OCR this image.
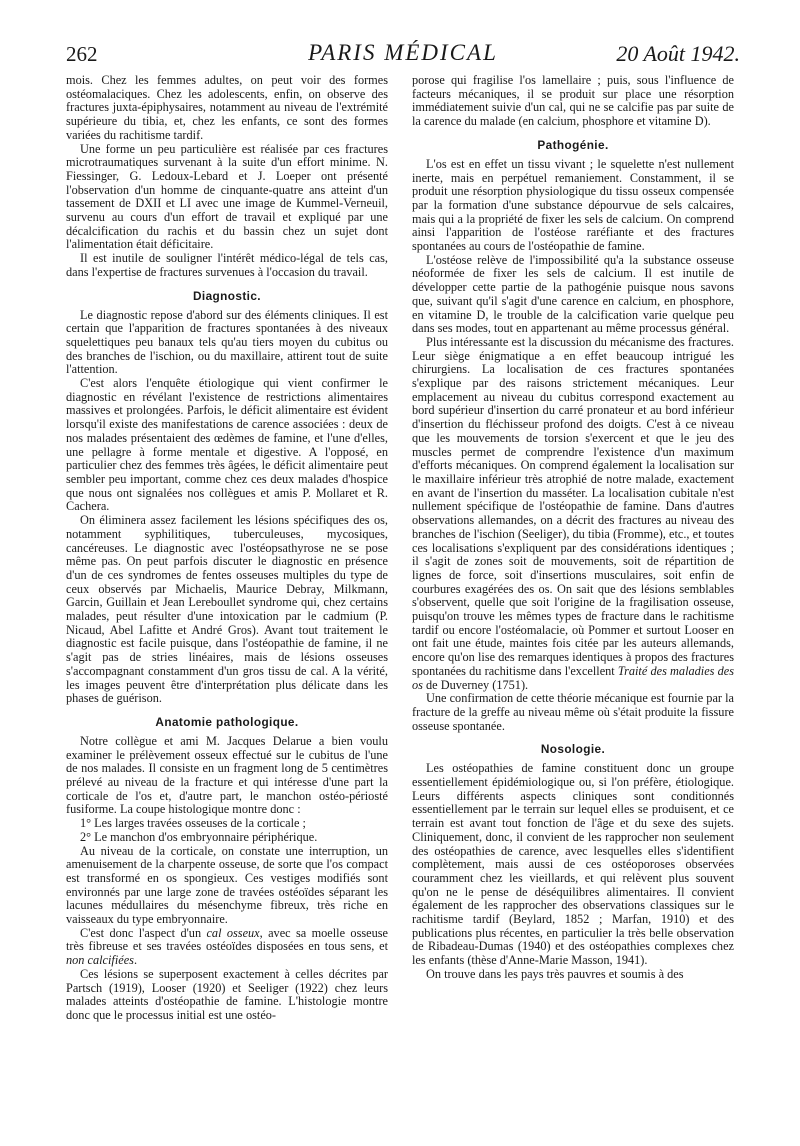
262	PARIS MÉDICAL	20 Août 1942.

mois. Chez les femmes adultes, on peut voir des formes ostéomalaciques. Chez les adolescents, enfin, on observe des fractures juxta-épiphysaires, notamment au niveau de l'extrémité supérieure du tibia, et, chez les enfants, ce sont des formes variées du rachitisme tardif.

Une forme un peu particulière est réalisée par ces fractures microtraumatiques survenant à la suite d'un effort minime. N. Fiessinger, G. Ledoux-Lebard et J. Loeper ont présenté l'observation d'un homme de cinquante-quatre ans atteint d'un tassement de DXII et LI avec une image de Kummel-Verneuil, survenu au cours d'un effort de travail et expliqué par une décalcification du rachis et du bassin chez un sujet dont l'alimentation était déficitaire.

Il est inutile de souligner l'intérêt médico-légal de tels cas, dans l'expertise de fractures survenues à l'occasion du travail.

Diagnostic.

Le diagnostic repose d'abord sur des éléments cliniques. Il est certain que l'apparition de fractures spontanées à des niveaux squelettiques peu banaux tels qu'au tiers moyen du cubitus ou des branches de l'ischion, ou du maxillaire, attirent tout de suite l'attention.

C'est alors l'enquête étiologique qui vient confirmer le diagnostic en révélant l'existence de restrictions alimentaires massives et prolongées. Parfois, le déficit alimentaire est évident lorsqu'il existe des manifestations de carence associées : deux de nos malades présentaient des œdèmes de famine, et l'une d'elles, une pellagre à forme mentale et digestive. A l'opposé, en particulier chez des femmes très âgées, le déficit alimentaire peut sembler peu important, comme chez ces deux malades d'hospice que nous ont signalées nos collègues et amis P. Mollaret et R. Cachera.

On éliminera assez facilement les lésions spécifiques des os, notamment syphilitiques, tuberculeuses, mycosiques, cancéreuses. Le diagnostic avec l'ostéopsathyrose ne se pose même pas. On peut parfois discuter le diagnostic en présence d'un de ces syndromes de fentes osseuses multiples du type de ceux observés par Michaelis, Maurice Debray, Milkmann, Garcin, Guillain et Jean Lereboullet syndrome qui, chez certains malades, peut résulter d'une intoxication par le cadmium (P. Nicaud, Abel Lafitte et André Gros). Avant tout traitement le diagnostic est facile puisque, dans l'ostéopathie de famine, il ne s'agit pas de stries linéaires, mais de lésions osseuses s'accompagnant constamment d'un gros tissu de cal. A la vérité, les images peuvent être d'interprétation plus délicate dans les phases de guérison.

Anatomie pathologique.

Notre collègue et ami M. Jacques Delarue a bien voulu examiner le prélèvement osseux effectué sur le cubitus de l'une de nos malades. Il consiste en un fragment long de 5 centimètres prélevé au niveau de la fracture et qui intéresse d'une part la corticale de l'os et, d'autre part, le manchon ostéo-périosté fusiforme. La coupe histologique montre donc :

1° Les larges travées osseuses de la corticale ;

2° Le manchon d'os embryonnaire périphérique.

Au niveau de la corticale, on constate une interruption, un amenuisement de la charpente osseuse, de sorte que l'os compact est transformé en os spongieux. Ces vestiges modifiés sont environnés par une large zone de travées ostéoïdes séparant les lacunes médullaires du mésenchyme fibreux, très riche en vaisseaux du type embryonnaire.

C'est donc l'aspect d'un cal osseux, avec sa moelle osseuse très fibreuse et ses travées ostéoïdes disposées en tous sens, et non calcifiées.

Ces lésions se superposent exactement à celles décrites par Partsch (1919), Looser (1920) et Seeliger (1922) chez leurs malades atteints d'ostéopathie de famine. L'histologie montre donc que le processus initial est une ostéo-

porose qui fragilise l'os lamellaire ; puis, sous l'influence de facteurs mécaniques, il se produit sur place une résorption immédiatement suivie d'un cal, qui ne se calcifie pas par suite de la carence du malade (en calcium, phosphore et vitamine D).

Pathogénie.

L'os est en effet un tissu vivant ; le squelette n'est nullement inerte, mais en perpétuel remaniement. Constamment, il se produit une résorption physiologique du tissu osseux compensée par la formation d'une substance dépourvue de sels calcaires, mais qui a la propriété de fixer les sels de calcium. On comprend ainsi l'apparition de l'ostéose raréfiante et des fractures spontanées au cours de l'ostéopathie de famine.

L'ostéose relève de l'impossibilité qu'a la substance osseuse néoformée de fixer les sels de calcium. Il est inutile de développer cette partie de la pathogénie puisque nous savons que, suivant qu'il s'agit d'une carence en calcium, en phosphore, en vitamine D, le trouble de la calcification varie quelque peu dans ses modes, tout en appartenant au même processus général.

Plus intéressante est la discussion du mécanisme des fractures. Leur siège énigmatique a en effet beaucoup intrigué les chirurgiens. La localisation de ces fractures spontanées s'explique par des raisons strictement mécaniques. Leur emplacement au niveau du cubitus correspond exactement au bord supérieur d'insertion du carré pronateur et au bord inférieur d'insertion du fléchisseur profond des doigts. C'est à ce niveau que les mouvements de torsion s'exercent et que le jeu des muscles permet de comprendre l'existence d'un maximum d'efforts mécaniques. On comprend également la localisation sur le maxillaire inférieur très atrophié de notre malade, exactement en avant de l'insertion du masséter. La localisation cubitale n'est nullement spécifique de l'ostéopathie de famine. Dans d'autres observations allemandes, on a décrit des fractures au niveau des branches de l'ischion (Seeliger), du tibia (Fromme), etc., et toutes ces localisations s'expliquent par des considérations identiques ; il s'agit de zones soit de mouvements, soit de répartition de lignes de force, soit d'insertions musculaires, soit enfin de courbures exagérées des os. On sait que des lésions semblables s'observent, quelle que soit l'origine de la fragilisation osseuse, puisqu'on trouve les mêmes types de fracture dans le rachitisme tardif ou encore l'ostéomalacie, où Pommer et surtout Looser en ont fait une étude, maintes fois citée par les auteurs allemands, encore qu'on lise des remarques identiques à propos des fractures spontanées du rachitisme dans l'excellent Traité des maladies des os de Duverney (1751).

Une confirmation de cette théorie mécanique est fournie par la fracture de la greffe au niveau même où s'était produite la fissure osseuse spontanée.

Nosologie.

Les ostéopathies de famine constituent donc un groupe essentiellement épidémiologique ou, si l'on préfère, étiologique. Leurs différents aspects cliniques sont conditionnés essentiellement par le terrain sur lequel elles se produisent, et ce terrain est avant tout fonction de l'âge et du sexe des sujets. Cliniquement, donc, il convient de les rapprocher non seulement des ostéopathies de carence, avec lesquelles elles s'identifient complètement, mais aussi de ces ostéoporoses observées couramment chez les vieillards, et qui relèvent plus souvent qu'on ne le pense de déséquilibres alimentaires. Il convient également de les rapprocher des observations classiques sur le rachitisme tardif (Beylard, 1852 ; Marfan, 1910) et des publications plus récentes, en particulier la très belle observation de Ribadeau-Dumas (1940) et des ostéopathies complexes chez les enfants (thèse d'Anne-Marie Masson, 1941).

On trouve dans les pays très pauvres et soumis à des
